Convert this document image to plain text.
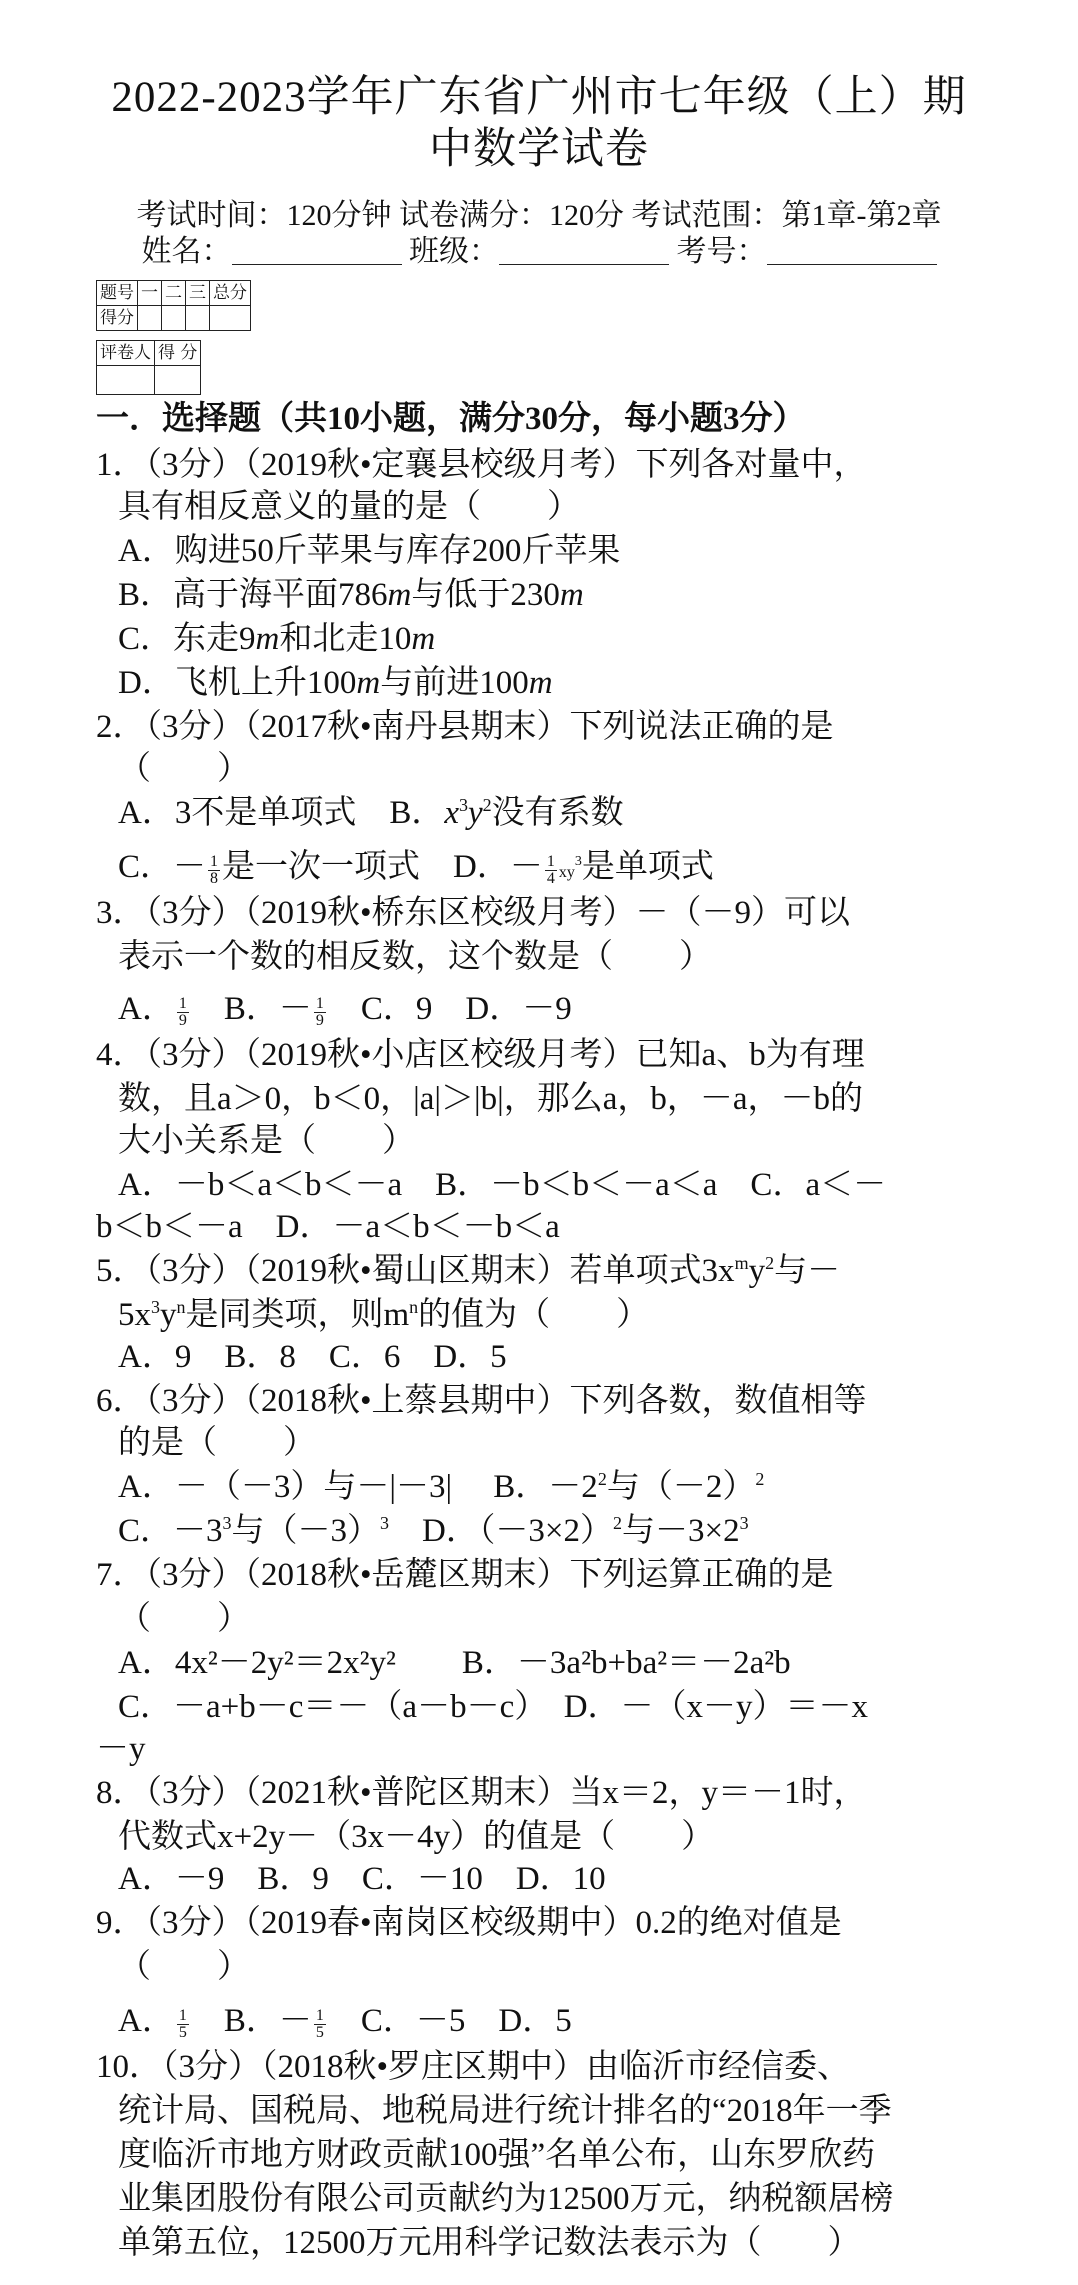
2022-2023学年广东省广州市七年级（上）期
中数学试卷
考试时间：120分钟 试卷满分：120分 考试范围：第1章-第2章
姓名：	班级：	考号：
题号	一	二	三	总分
得分				
评卷人	得 分

一．选择题（共10小题，满分30分，每小题3分）
1．（3分）（2019秋•定襄县校级月考）下列各对量中，
具有相反意义的量的是（　　）
A．购进50斤苹果与库存200斤苹果
B．高于海平面786m与低于230m
C．东走9m和北走10m
D．飞机上升100m与前进100m
2．（3分）（2017秋•南丹县期末）下列说法正确的是
（　　）
A．3不是单项式　 B．$x^3y^2$没有系数
C．－ $\frac{1}{8}$ 是一次一项式　 D．－ $\frac{1}{4} xy^3$是单项式
3．（3分）（2019秋•桥东区校级月考）－（－9）可以
表示一个数的相反数，这个数是（　　）
A． $\frac{1}{9}$
　 B．－ $\frac{1}{9}$
　 C．9　D．－9
4．（3分）（2019秋•小店区校级月考）已知a、b为有理
数，且a＞0，b＜0，|a|＞|b|，那么a，b，－a，－b的
大小关系是（　　）
A．－b＜a＜b＜－a　B．－b＜b＜－a＜a　C．a＜－
b＜b＜－a　D．－a＜b＜－b＜a
5．（3分）（2019秋•蜀山区期末）若单项式$3x^my^2$与－
$5x^3y^n$是同类项，则$m^n$的值为（　　）
A．9　B．8　C．6　D．5
6．（3分）（2018秋•上蔡县期中）下列各数，数值相等
的是（　　）
A．－（－3）与－|－3|　 B．$-2^2$与$(-2)^2$
C．$-3^3$与$(-3)^3$　D．$(-3\times 2)^2$与$-3\times 2^3$
7．（3分）（2018秋•岳麓区期末）下列运算正确的是
（　　）
A．4x²－2y²＝2x²y²　　B．－3a²b+ba²＝－2a²b
C．－a+b－c＝－（a－b－c）　D．－（x－y）＝－x
－y
8．（3分）（2021秋•普陀区期末）当x＝2，y＝－1时，
代数式x+2y－（3x－4y）的值是（　　）
A．－9　B．9　C．－10　D．10
9．（3分）（2019春•南岗区校级期中）0.2的绝对值是
（　　）
A． $\frac{1}{5}$
　 B．－ $\frac{1}{5}$
　 C．－5　D．5
10．（3分）（2018秋•罗庄区期中）由临沂市经信委、
统计局、国税局、地税局进行统计排名的“2018年一季
度临沂市地方财政贡献100强”名单公布，山东罗欣药
业集团股份有限公司贡献约为12500万元，纳税额居榜
单第五位，12500万元用科学记数法表示为（　　）
